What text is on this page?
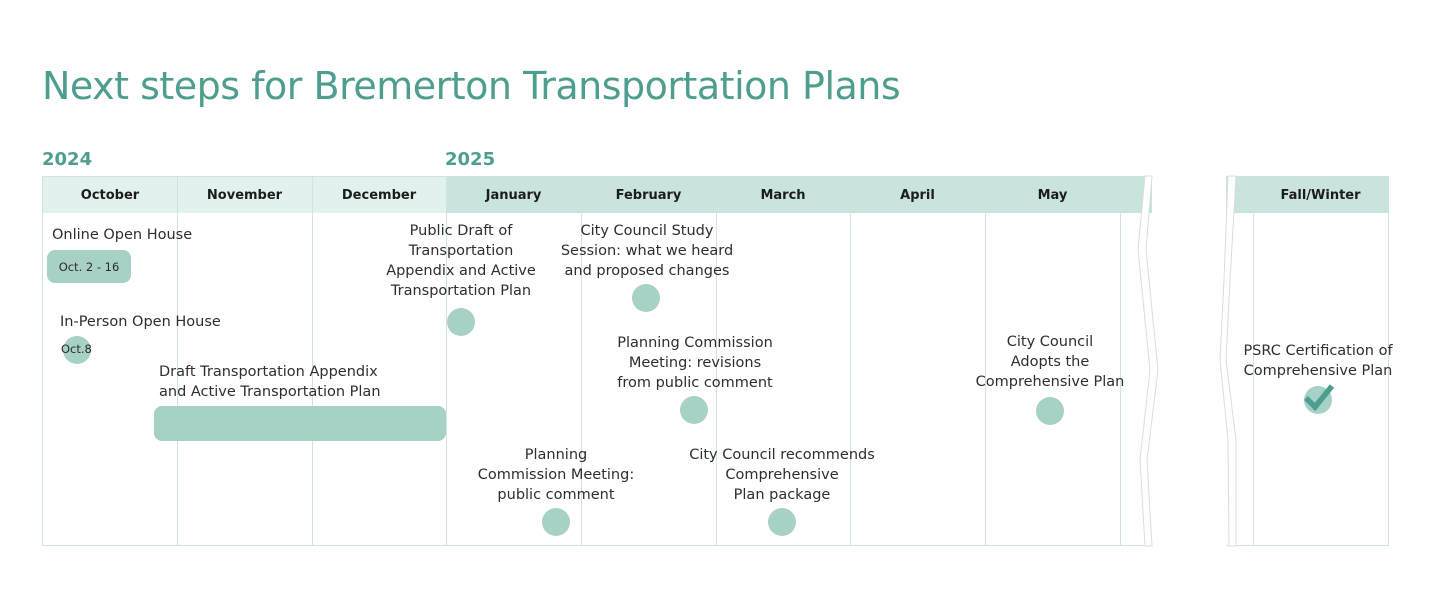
Next steps for Bremerton Transportation Plans
2024	2025
October	November	December	January	February	March	April	May	Fall/Winter
Online Open House
Oct. 2 - 16
In-Person Open House
Oct.8
Draft Transportation Appendix
and Active Transportation Plan
Public Draft of
Transportation
Appendix and Active
Transportation Plan
City Council Study
Session: what we heard
and proposed changes
Planning Commission
Meeting: revisions
from public comment
Planning
Commission Meeting:
public comment
City Council recommends
Comprehensive
Plan package
City Council
Adopts the
Comprehensive Plan
PSRC Certification of
Comprehensive Plan
